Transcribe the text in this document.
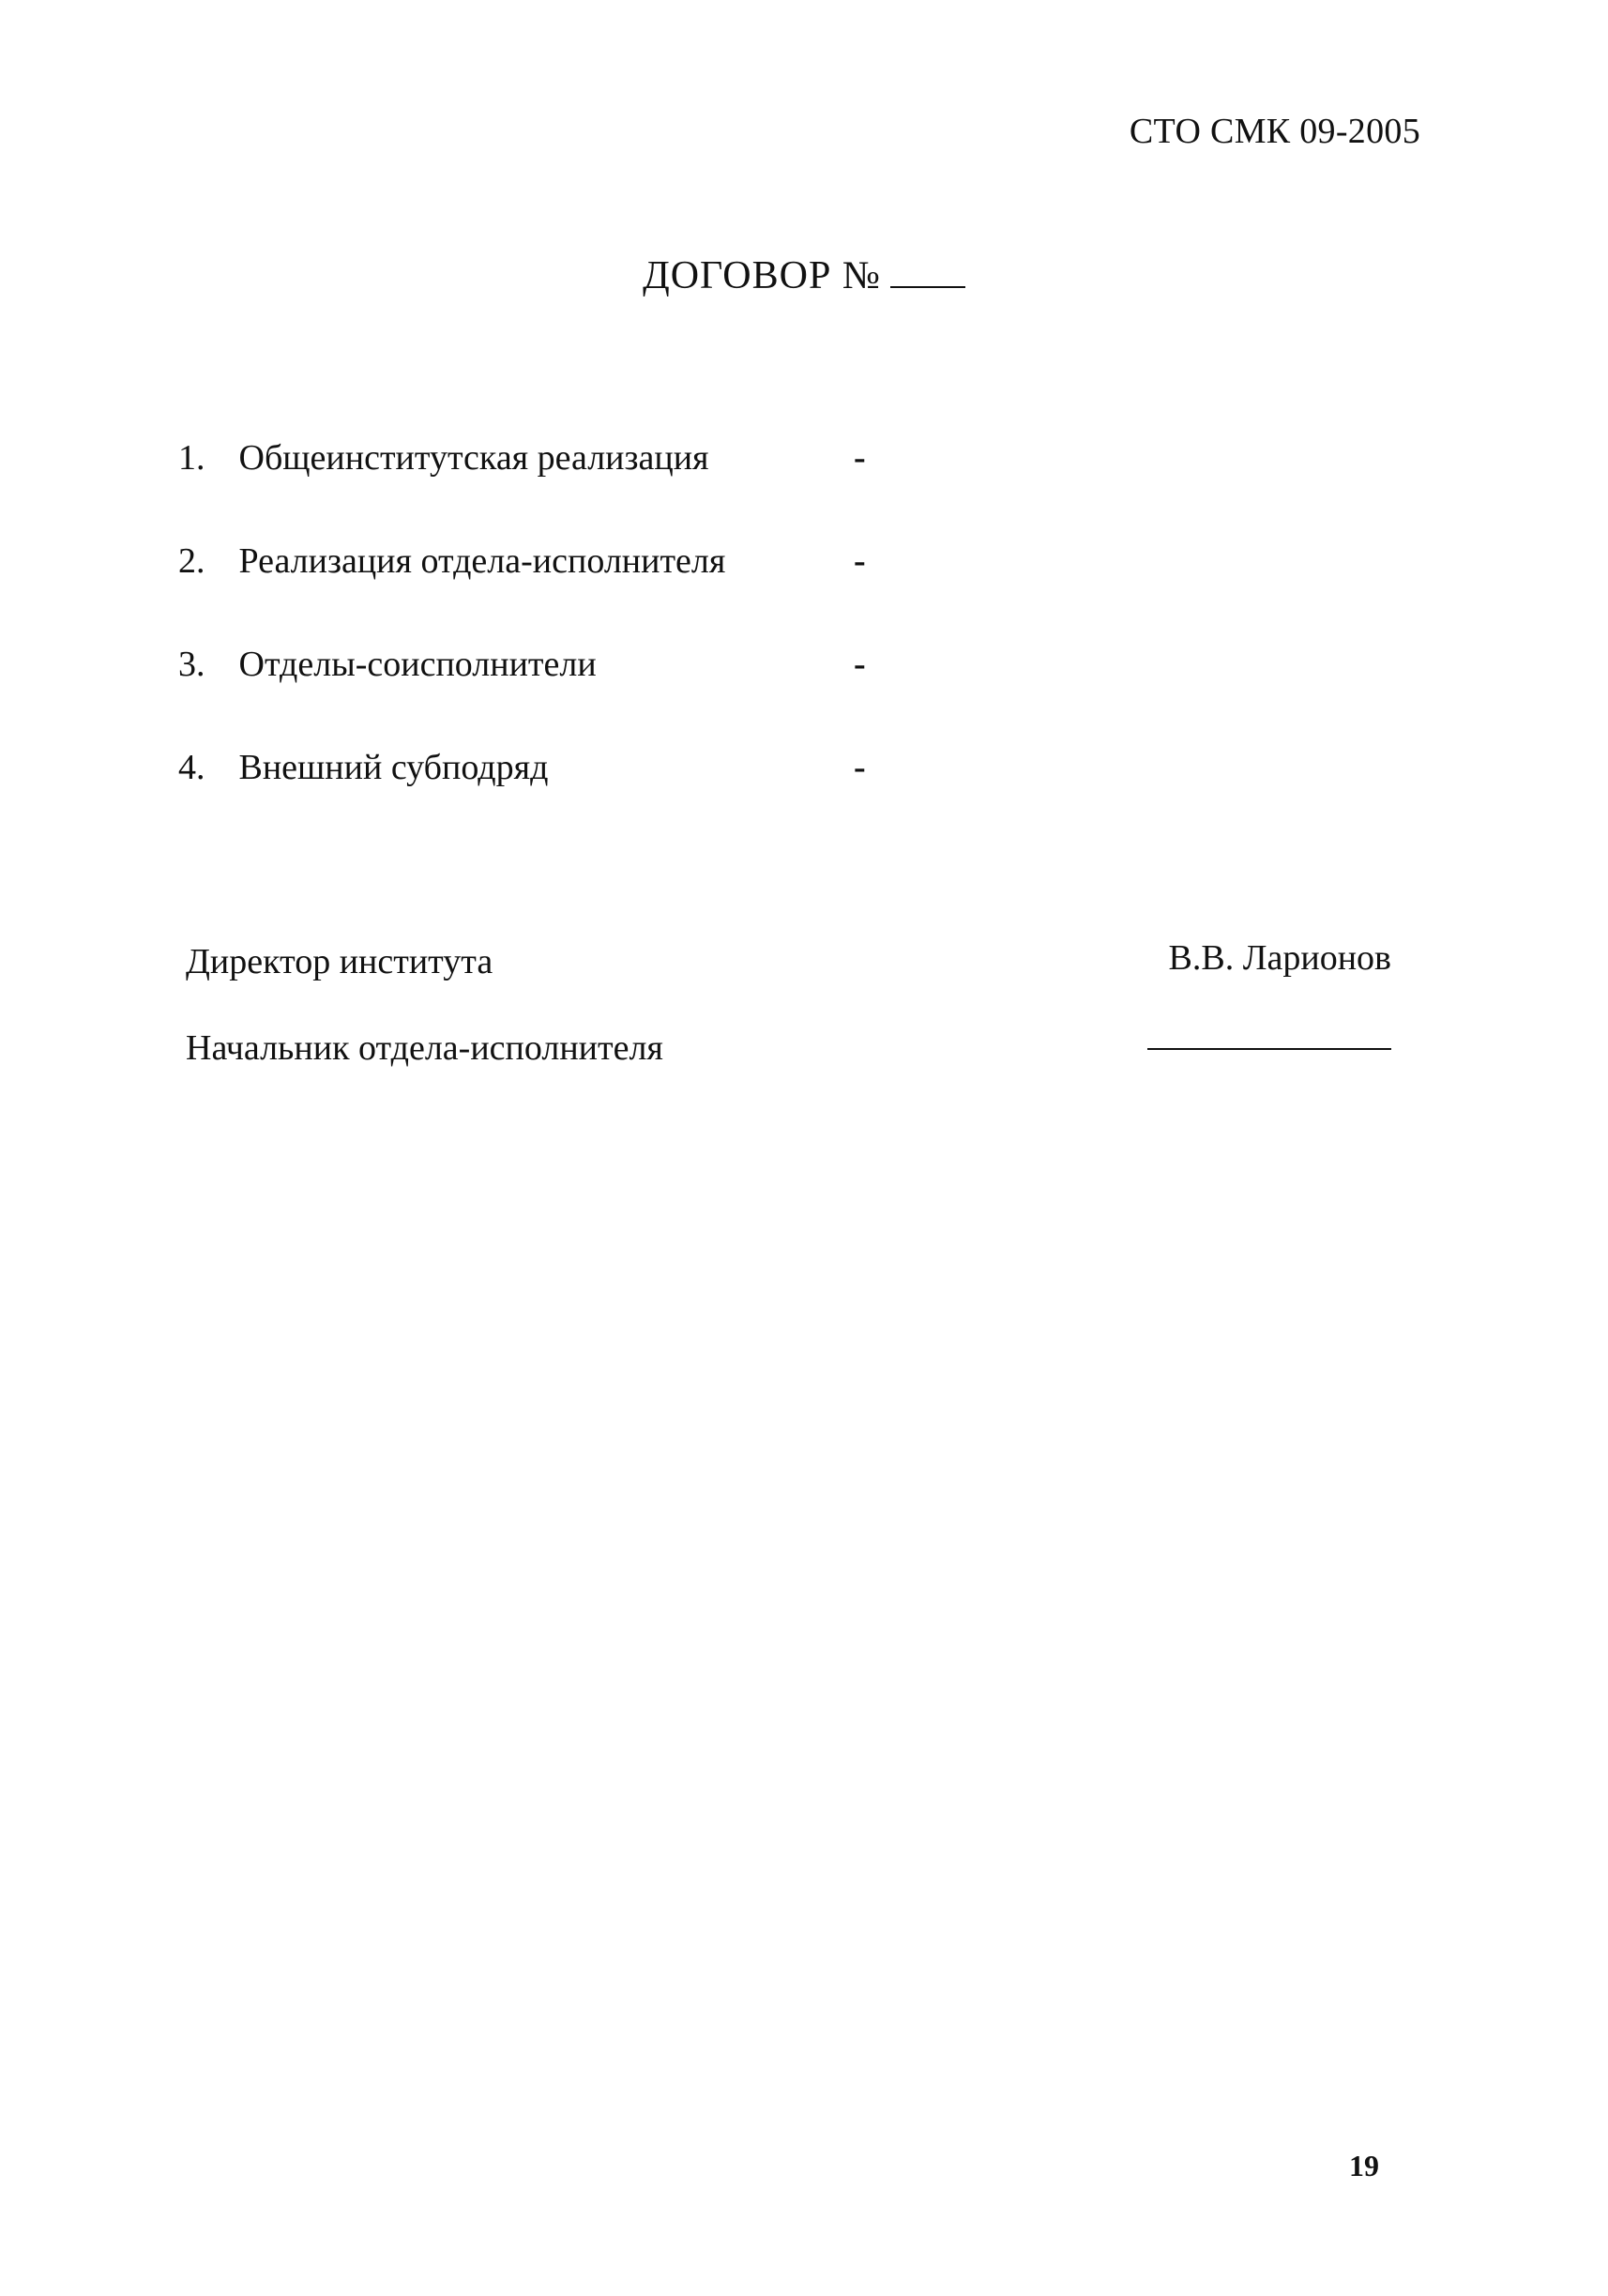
СТО СМК 09-2005
ДОГОВОР №
1. Общеинститутская реализация	-
2. Реализация отдела-исполнителя	-
3. Отделы-соисполнители	-
4. Внешний субподряд	-
Директор института	В.В. Ларионов
Начальник отдела-исполнителя
19
